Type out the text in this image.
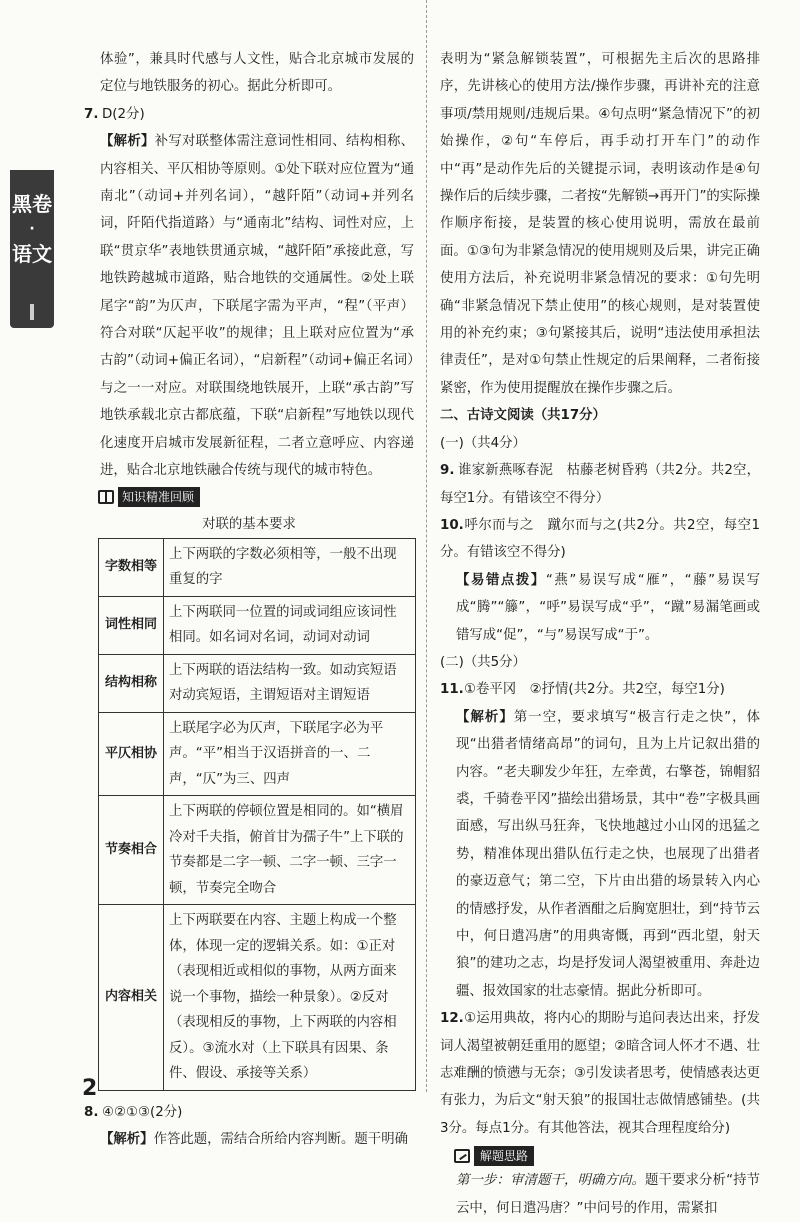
黑卷
·
语文

体验”，兼具时代感与人文性，贴合北京城市发展的定位与地铁服务的初心。据此分析即可。

7. D(2分)

【解析】补写对联整体需注意词性相同、结构相称、内容相关、平仄相协等原则。①处下联对应位置为“通南北”（动词+并列名词），“越阡陌”（动词+并列名词，阡陌代指道路）与“通南北”结构、词性对应，上联“贯京华”表地铁贯通京城，“越阡陌”承接此意，写地铁跨越城市道路，贴合地铁的交通属性。②处上联尾字“韵”为仄声，下联尾字需为平声，“程”（平声）符合对联“仄起平收”的规律；且上联对应位置为“承古韵”（动词+偏正名词），“启新程”（动词+偏正名词）与之一一对应。对联围绕地铁展开，上联“承古韵”写地铁承载北京古都底蕴，下联“启新程”写地铁以现代化速度开启城市发展新征程，二者立意呼应、内容递进，贴合北京地铁融合传统与现代的城市特色。

知识精准回顾
对联的基本要求
字数相等	上下两联的字数必须相等，一般不出现重复的字
词性相同	上下两联同一位置的词或词组应该词性相同。如名词对名词，动词对动词
结构相称	上下两联的语法结构一致。如动宾短语对动宾短语，主谓短语对主谓短语
平仄相协	上联尾字必为仄声，下联尾字必为平声。“平”相当于汉语拼音的一、二声，“仄”为三、四声
节奏相合	上下两联的停顿位置是相同的。如“横眉冷对千夫指，俯首甘为孺子牛”上下联的节奏都是二字一顿、二字一顿、三字一顿，节奏完全吻合
内容相关	上下两联要在内容、主题上构成一个整体，体现一定的逻辑关系。如：①正对（表现相近或相似的事物，从两方面来说一个事物，描绘一种景象）。②反对（表现相反的事物，上下两联的内容相反）。③流水对（上下联具有因果、条件、假设、承接等关系）

8. ④②①③(2分)

【解析】作答此题，需结合所给内容判断。题干明确

表明为“紧急解锁装置”，可根据先主后次的思路排序，先讲核心的使用方法/操作步骤，再讲补充的注意事项/禁用规则/违规后果。④句点明“紧急情况下”的初始操作，②句“车停后，再手动打开车门”的动作中“再”是动作先后的关键提示词，表明该动作是④句操作后的后续步骤，二者按“先解锁→再开门”的实际操作顺序衔接，是装置的核心使用说明，需放在最前面。①③句为非紧急情况的使用规则及后果，讲完正确使用方法后，补充说明非紧急情况的要求：①句先明确“非紧急情况下禁止使用”的核心规则，是对装置使用的补充约束；③句紧接其后，说明“违法使用承担法律责任”，是对①句禁止性规定的后果阐释，二者衔接紧密，作为使用提醒放在操作步骤之后。

二、古诗文阅读（共17分）

(一)（共4分）

9. 谁家新燕啄春泥　枯藤老树昏鸦（共2分。共2空，每空1分。有错该空不得分）

10.呼尔而与之　蹴尔而与之(共2分。共2空，每空1分。有错该空不得分)

【易错点拨】“燕”易误写成“雁”，“藤”易误写成“腾”“籐”，“呼”易误写成“乎”，“蹴”易漏笔画或错写成“促”，“与”易误写成“于”。

(二)（共5分）

11.①卷平冈　②抒情(共2分。共2空，每空1分)

【解析】第一空，要求填写“极言行走之快”，体现“出猎者情绪高昂”的词句，且为上片记叙出猎的内容。“老夫聊发少年狂，左牵黄，右擎苍，锦帽貂裘，千骑卷平冈”描绘出猎场景，其中“卷”字极具画面感，写出纵马狂奔，飞快地越过小山冈的迅猛之势，精准体现出猎队伍行走之快，也展现了出猎者的豪迈意气；第二空，下片由出猎的场景转入内心的情感抒发，从作者酒酣之后胸宽胆壮，到“持节云中，何日遣冯唐”的用典寄慨，再到“西北望，射天狼”的建功之志，均是抒发词人渴望被重用、奔赴边疆、报效国家的壮志豪情。据此分析即可。

12.①运用典故，将内心的期盼与追问表达出来，抒发词人渴望被朝廷重用的愿望；②暗含词人怀才不遇、壮志难酬的愤懑与无奈；③引发读者思考，使情感表达更有张力，为后文“射天狼”的报国壮志做情感铺垫。(共3分。每点1分。有其他答法，视其合理程度给分)

解题思路

第一步：审清题干，明确方向。题干要求分析“持节云中，何日遣冯唐？”中问号的作用，需紧扣

2
